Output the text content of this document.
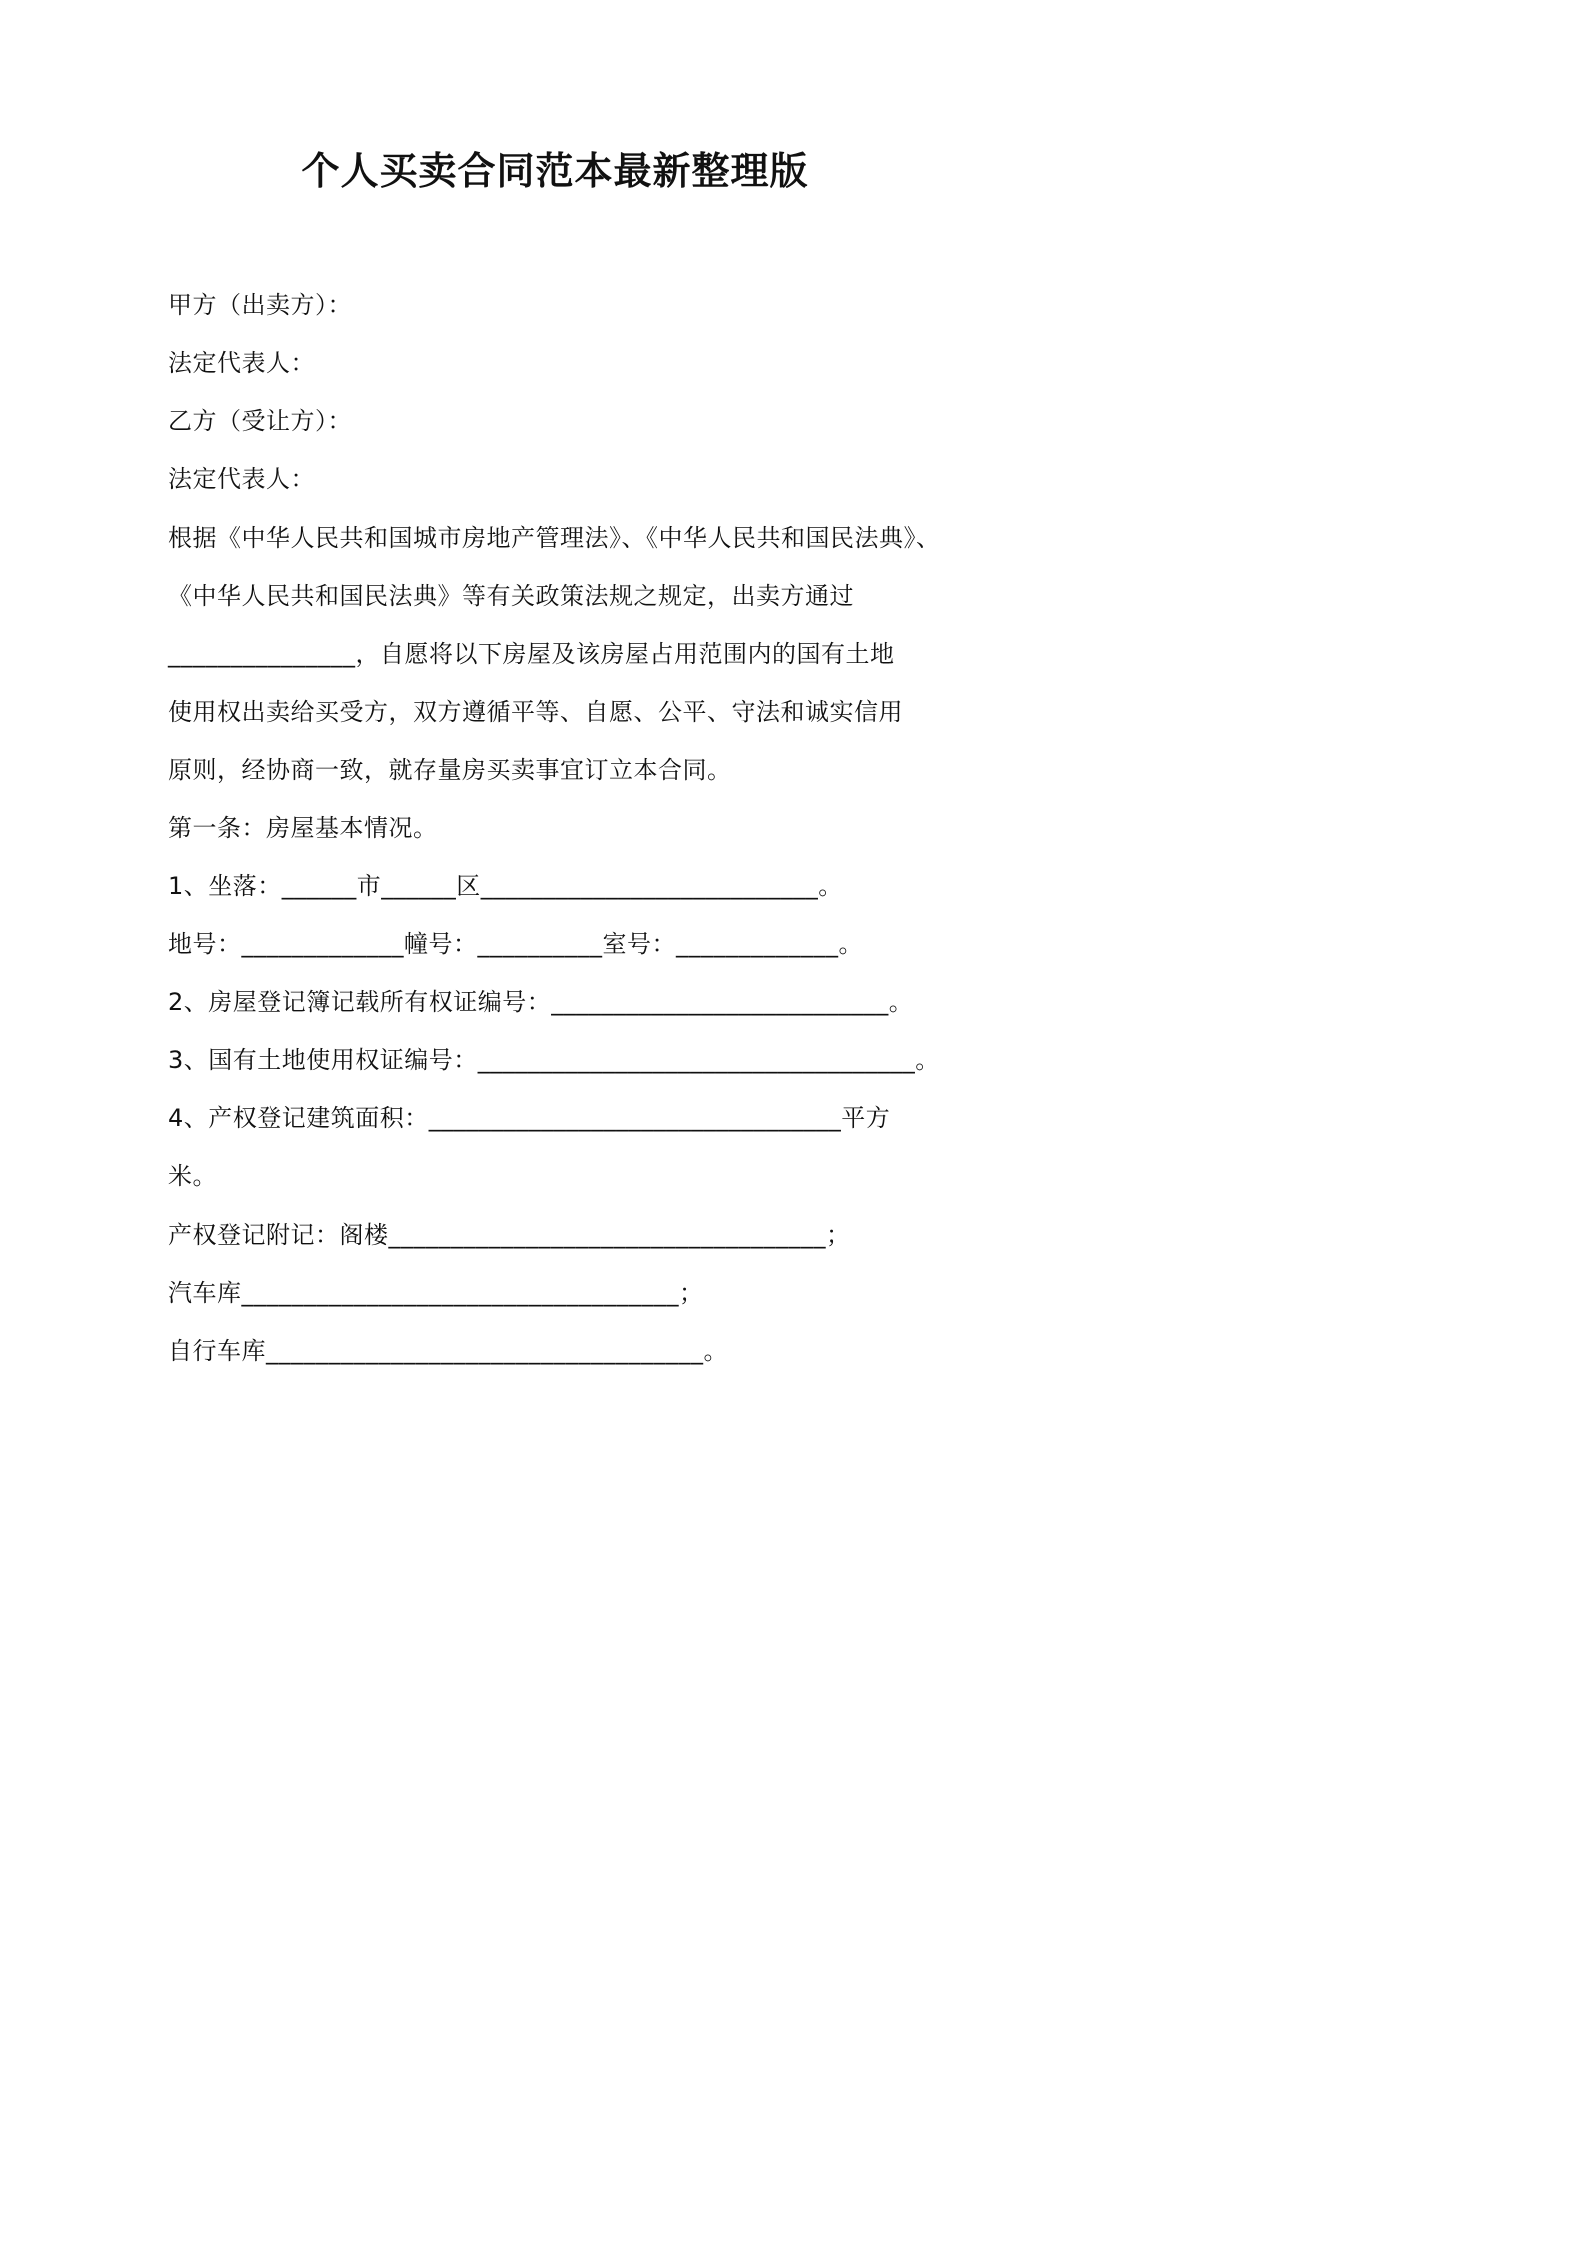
个人买卖合同范本最新整理版
甲方（出卖方）：
法定代表人：
乙方（受让方）：
法定代表人：
根据《中华人民共和国城市房地产管理法》、《中华人民共和国民法典》、
《中华人民共和国民法典》等有关政策法规之规定，出卖方通过
_______________，自愿将以下房屋及该房屋占用范围内的国有土地
使用权出卖给买受方，双方遵循平等、自愿、公平、守法和诚实信用
原则，经协商一致，就存量房买卖事宜订立本合同。
第一条：房屋基本情况。
1、坐落：______市______区___________________________。
地号：_____________幢号：__________室号：_____________。
2、房屋登记簿记载所有权证编号：___________________________。
3、国有土地使用权证编号：___________________________________。
4、产权登记建筑面积：_________________________________平方
米。
产权登记附记：阁楼___________________________________；
汽车库___________________________________；
自行车库___________________________________。
